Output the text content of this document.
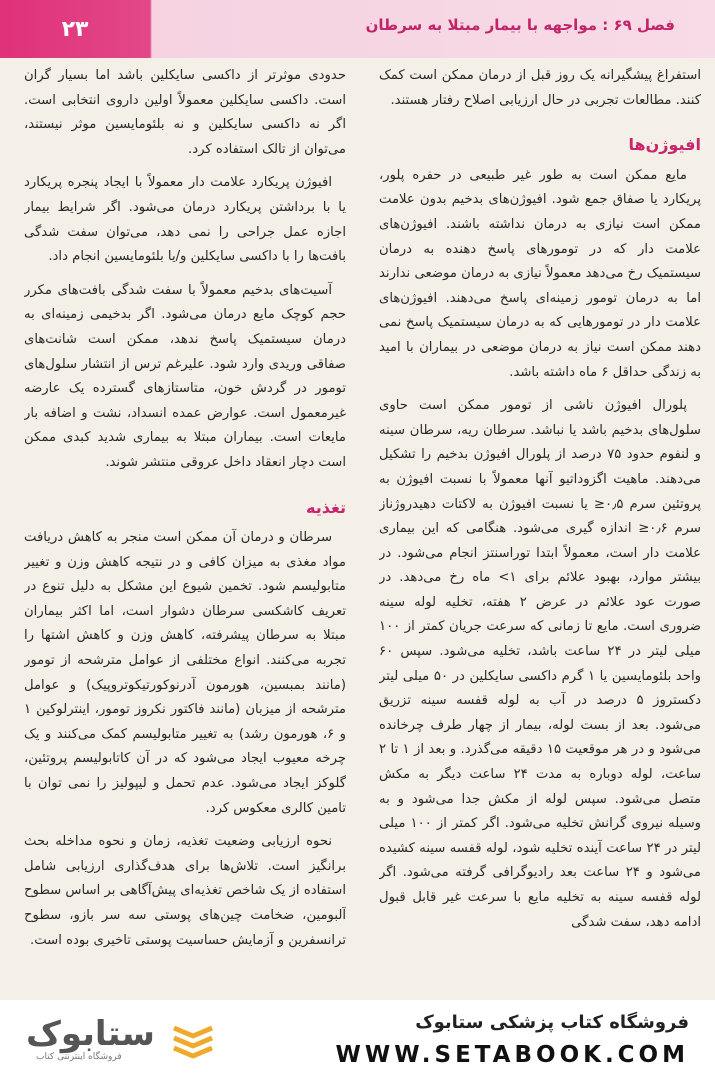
۲۳	فصل ۶۹ : مواجهه با بیمار مبتلا به سرطان

استفراغ پیشگیرانه یک روز قبل از درمان ممکن است کمک کنند. مطالعات تجربی در حال ارزیابی اصلاح رفتار هستند.

افیوژن‌ها

مایع ممکن است به طور غیر طبیعی در حفره پلور، پریکارد یا صفاق جمع شود. افیوژن‌های بدخیم بدون علامت ممکن است نیازی به درمان نداشته باشند. افیوژن‌های علامت دار که در تومورهای پاسخ دهنده به درمان سیستمیک رخ می‌دهد معمولاً نیازی به درمان موضعی ندارند اما به درمان تومور زمینه‌ای پاسخ می‌دهند. افیوژن‌های علامت دار در تومورهایی که به درمان سیستمیک پاسخ نمی دهند ممکن است نیاز به درمان موضعی در بیماران با امید به زندگی حداقل ۶ ماه داشته باشد.

پلورال افیوژن ناشی از تومور ممکن است حاوی سلول‌های بدخیم باشد یا نباشد. سرطان ریه، سرطان سینه و لنفوم حدود ۷۵ درصد از پلورال افیوژن بدخیم را تشکیل می‌دهند. ماهیت اگزوداتیو آنها معمولاً با نسبت افیوژن به پروتئین سرم ۰٫۵≤ یا نسبت افیوژن به لاکتات دهیدروژناز سرم ۰٫۶≤ اندازه گیری می‌شود. هنگامی که این بیماری علامت دار است، معمولاً ابتدا توراسنتز انجام می‌شود. در بیشتر موارد، بهبود علائم برای ۱> ماه رخ می‌دهد. در صورت عود علائم در عرض ۲ هفته، تخلیه لوله سینه ضروری است. مایع تا زمانی که سرعت جریان کمتر از ۱۰۰ میلی لیتر در ۲۴ ساعت باشد، تخلیه می‌شود. سپس ۶۰ واحد بلئومایسین یا ۱ گرم داکسی سایکلین در ۵۰ میلی لیتر دکستروز ۵ درصد در آب به لوله قفسه سینه تزریق می‌شود. بعد از بست لوله، بیمار از چهار طرف چرخانده می‌شود و در هر موقعیت ۱۵ دقیقه می‌گذرد. و بعد از ۱ تا ۲ ساعت، لوله دوباره به مدت ۲۴ ساعت دیگر به مکش متصل می‌شود. سپس لوله از مکش جدا می‌شود و به وسیله نیروی گرانش تخلیه می‌شود. اگر کمتر از ۱۰۰ میلی لیتر در ۲۴ ساعت آینده تخلیه شود، لوله قفسه سینه کشیده می‌شود و ۲۴ ساعت بعد رادیوگرافی گرفته می‌شود. اگر لوله قفسه سینه به تخلیه مایع با سرعت غیر قابل قبول ادامه دهد، سفت شدگی

حدودی موثرتر از داکسی سایکلین باشد اما بسیار گران است. داکسی سایکلین معمولاً اولین داروی انتخابی است. اگر نه داکسی سایکلین و نه بلئومایسین موثر نیستند، می‌توان از تالک استفاده کرد.

افیوژن پریکارد علامت دار معمولاً با ایجاد پنجره پریکارد یا با برداشتن پریکارد درمان می‌شود. اگر شرایط بیمار اجازه عمل جراحی را نمی دهد، می‌توان سفت شدگی بافت‌ها را با داکسی سایکلین و/یا بلئومایسین انجام داد.

آسیت‌های بدخیم معمولاً با سفت شدگی بافت‌های مکرر حجم کوچک مایع درمان می‌شود. اگر بدخیمی زمینه‌ای به درمان سیستمیک پاسخ ندهد، ممکن است شانت‌های صفاقی وریدی وارد شود. علیرغم ترس از انتشار سلول‌های تومور در گردش خون، متاستازهای گسترده یک عارضه غیرمعمول است. عوارض عمده انسداد، نشت و اضافه بار مایعات است. بیماران مبتلا به بیماری شدید کبدی ممکن است دچار انعقاد داخل عروقی منتشر شوند.

تغذیه

سرطان و درمان آن ممکن است منجر به کاهش دریافت مواد مغذی به میزان کافی و در نتیجه کاهش وزن و تغییر متابولیسم شود. تخمین شیوع این مشکل به دلیل تنوع در تعریف کاشکسی سرطان دشوار است، اما اکثر بیماران مبتلا به سرطان پیشرفته، کاهش وزن و کاهش اشتها را تجربه می‌کنند. انواع مختلفی از عوامل مترشحه از تومور (مانند بمبسین، هورمون آدرنوکورتیکوتروپیک) و عوامل مترشحه از میزبان (مانند فاکتور نکروز تومور، اینترلوکین ۱ و ۶، هورمون رشد) به تغییر متابولیسم کمک می‌کنند و یک چرخه معیوب ایجاد می‌شود که در آن کاتابولیسم پروتئین، گلوکز ایجاد می‌شود. عدم تحمل و لیپولیز را نمی توان با تامین کالری معکوس کرد.

نحوه ارزیابی وضعیت تغذیه، زمان و نحوه مداخله بحث برانگیز است. تلاش‌ها برای هدف‌گذاری ارزیابی شامل استفاده از یک شاخص تغذیه‌ای پیش‌آگاهی بر اساس سطوح آلبومین، ضخامت چین‌های پوستی سه سر بازو، سطوح ترانسفرین و آزمایش حساسیت پوستی تاخیری بوده است.

ستابوک
فروشگاه اینترنتی کتاب
فروشگاه کتاب پزشکی ستابوک
WWW.SETABOOK.COM
